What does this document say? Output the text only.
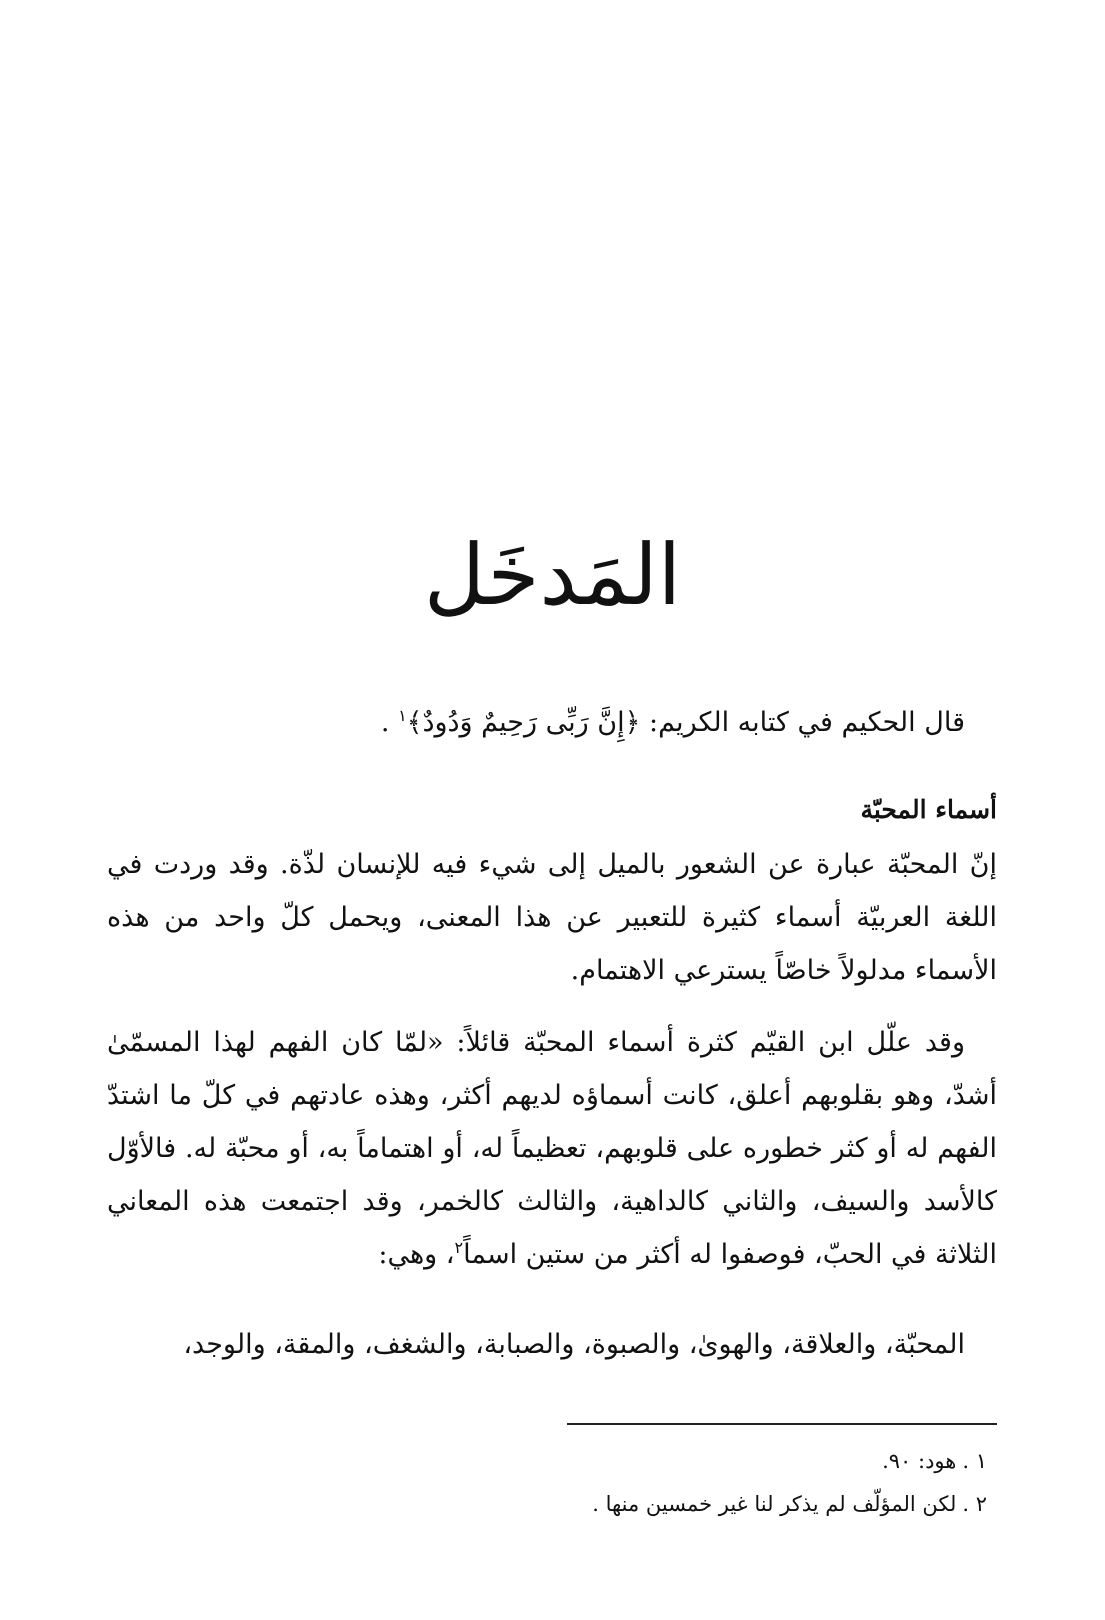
المَدخَل
قال الحكيم في كتابه الكريم: ﴿إِنَّ رَبِّى رَحِيمٌ وَدُودٌ﴾$^١$ .
أسماء المحبّة
إنّ المحبّة عبارة عن الشعور بالميل إلى شيء فيه للإنسان لذّة. وقد وردت في اللغة العربيّة أسماء كثيرة للتعبير عن هذا المعنى، ويحمل كلّ واحد من هذه الأسماء مدلولاً خاصّاً يسترعي الاهتمام.
وقد علّل ابن القيّم كثرة أسماء المحبّة قائلاً: «لمّا كان الفهم لهذا المسمّىٰ أشدّ، وهو بقلوبهم أعلق، كانت أسماؤه لديهم أكثر، وهذه عادتهم في كلّ ما اشتدّ الفهم له أو كثر خطوره على قلوبهم، تعظيماً له، أو اهتماماً به، أو محبّة له. فالأوّل كالأسد والسيف، والثاني كالداهية، والثالث كالخمر، وقد اجتمعت هذه المعاني الثلاثة في الحبّ، فوصفوا له أكثر من ستين اسماً$^٢$، وهي:
المحبّة، والعلاقة، والهوىٰ، والصبوة، والصبابة، والشغف، والمقة، والوجد،
١ .هود: ٩٠.
٢ .لكن المؤلّف لم يذكر لنا غير خمسين منها .
